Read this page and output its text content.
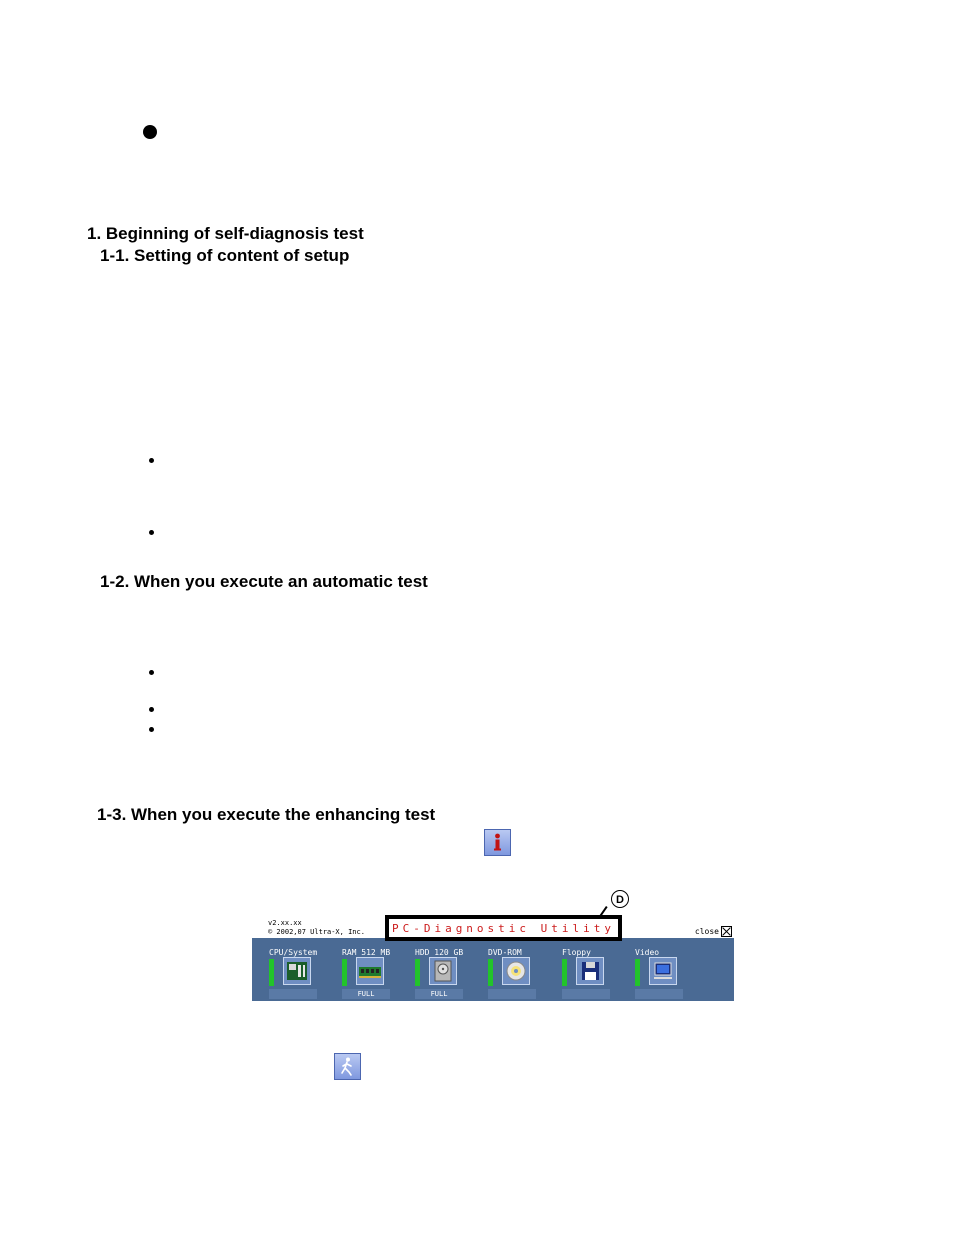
1. Beginning of self-diagnosis test
1-1. Setting of content of setup
1-2. When you execute an automatic test
1-3. When you execute the enhancing test
v2.xx.xx
© 2002,07 Ultra-X, Inc.
D
PC-Diagnostic Utility	close
CPU/System	RAM 512 MB
FULL
HDD 120 GB
FULL
DVD-ROM	Floppy	Video
